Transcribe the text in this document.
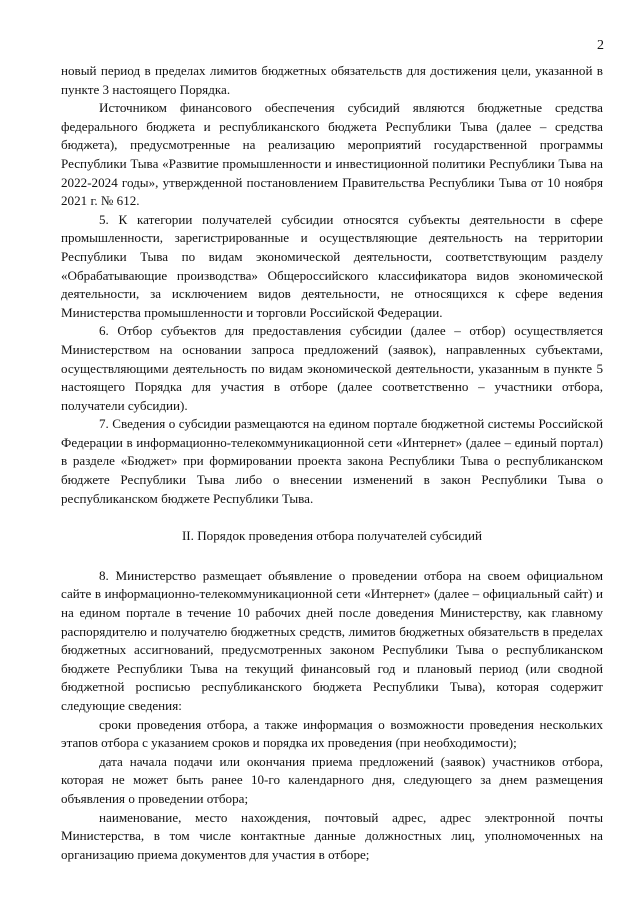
2

новый период в пределах лимитов бюджетных обязательств для достижения цели, указанной в пункте 3 настоящего Порядка.

Источником финансового обеспечения субсидий являются бюджетные средства федерального бюджета и республиканского бюджета Республики Тыва (далее – средства бюджета), предусмотренные на реализацию мероприятий государственной программы Республики Тыва «Развитие промышленности и инвестиционной политики Республики Тыва на 2022-2024 годы», утвержденной постановлением Правительства Республики Тыва от 10 ноября 2021 г. № 612.

5. К категории получателей субсидии относятся субъекты деятельности в сфере промышленности, зарегистрированные и осуществляющие деятельность на территории Республики Тыва по видам экономической деятельности, соответствующим разделу «Обрабатывающие производства» Общероссийского классификатора видов экономической деятельности, за исключением видов деятельности, не относящихся к сфере ведения Министерства промышленности и торговли Российской Федерации.

6. Отбор субъектов для предоставления субсидии (далее – отбор) осуществляется Министерством на основании запроса предложений (заявок), направленных субъектами, осуществляющими деятельность по видам экономической деятельности, указанным в пункте 5 настоящего Порядка для участия в отборе (далее соответственно – участники отбора, получатели субсидии).

7. Сведения о субсидии размещаются на едином портале бюджетной системы Российской Федерации в информационно-телекоммуникационной сети «Интернет» (далее – единый портал) в разделе «Бюджет» при формировании проекта закона Республики Тыва о республиканском бюджете Республики Тыва либо о внесении изменений в закон Республики Тыва о республиканском бюджете Республики Тыва.

II. Порядок проведения отбора получателей субсидий

8. Министерство размещает объявление о проведении отбора на своем официальном сайте в информационно-телекоммуникационной сети «Интернет» (далее – официальный сайт) и на едином портале в течение 10 рабочих дней после доведения Министерству, как главному распорядителю и получателю бюджетных средств, лимитов бюджетных обязательств в пределах бюджетных ассигнований, предусмотренных законом Республики Тыва о республиканском бюджете Республики Тыва на текущий финансовый год и плановый период (или сводной бюджетной росписью республиканского бюджета Республики Тыва), которая содержит следующие сведения:

сроки проведения отбора, а также информация о возможности проведения нескольких этапов отбора с указанием сроков и порядка их проведения (при необходимости);

дата начала подачи или окончания приема предложений (заявок) участников отбора, которая не может быть ранее 10-го календарного дня, следующего за днем размещения объявления о проведении отбора;

наименование, место нахождения, почтовый адрес, адрес электронной почты Министерства, в том числе контактные данные должностных лиц, уполномоченных на организацию приема документов для участия в отборе;
